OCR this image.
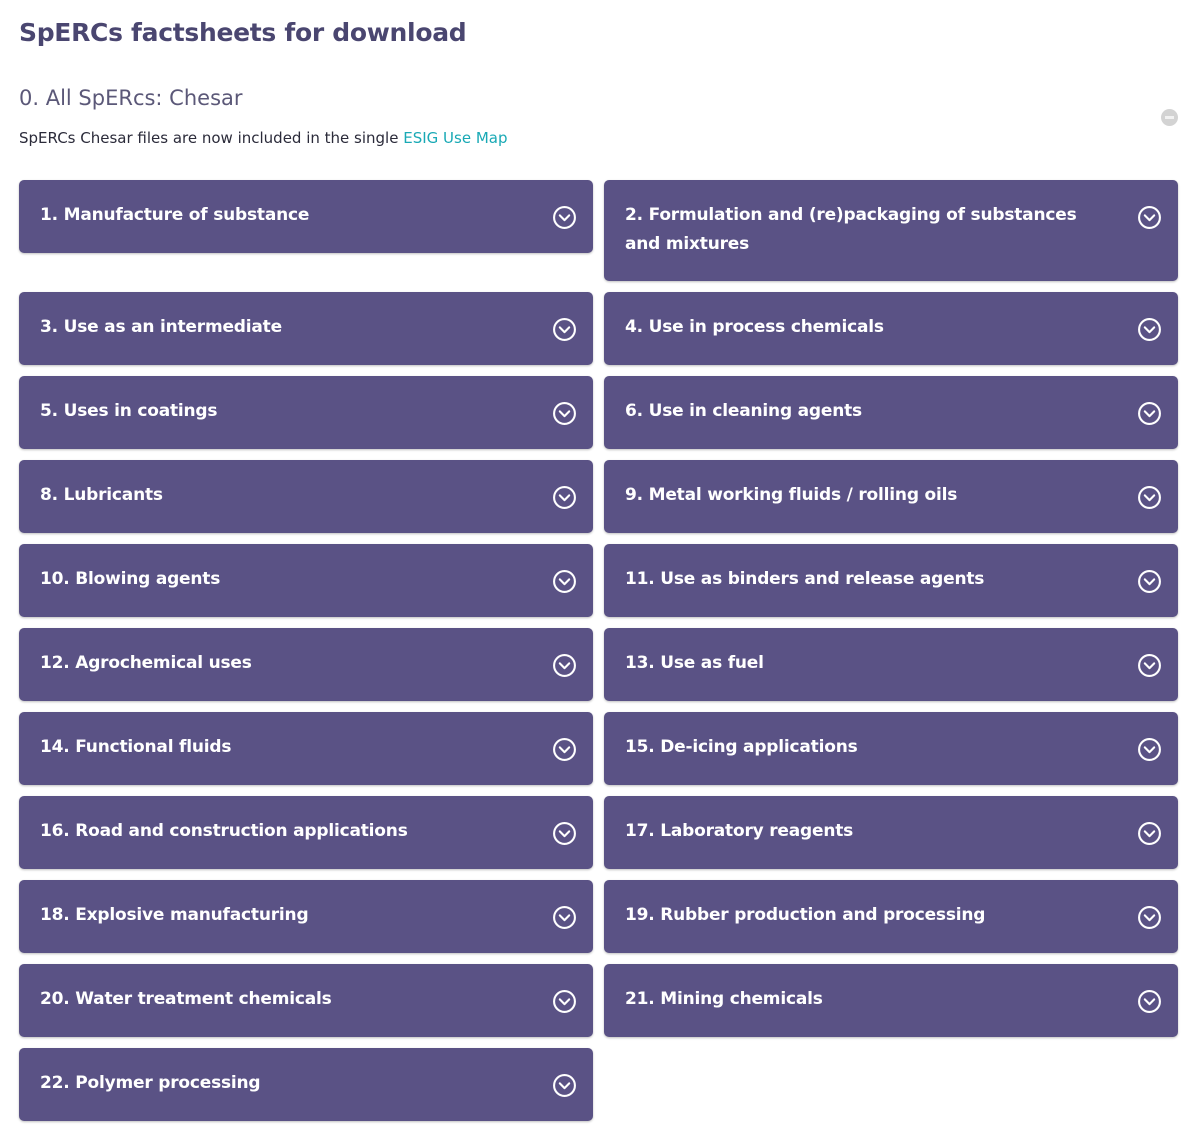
SpERCs factsheets for download
0. All SpERcs: Chesar

SpERCs Chesar files are now included in the single ESIG Use Map

1. Manufacture of substance	2. Formulation and (re)packaging of substances and mixtures
3. Use as an intermediate	4. Use in process chemicals
5. Uses in coatings	6. Use in cleaning agents
8. Lubricants	9. Metal working fluids / rolling oils
10. Blowing agents	11. Use as binders and release agents
12. Agrochemical uses	13. Use as fuel
14. Functional fluids	15. De-icing applications
16. Road and construction applications	17. Laboratory reagents
18. Explosive manufacturing	19. Rubber production and processing
20. Water treatment chemicals	21. Mining chemicals
22. Polymer processing
